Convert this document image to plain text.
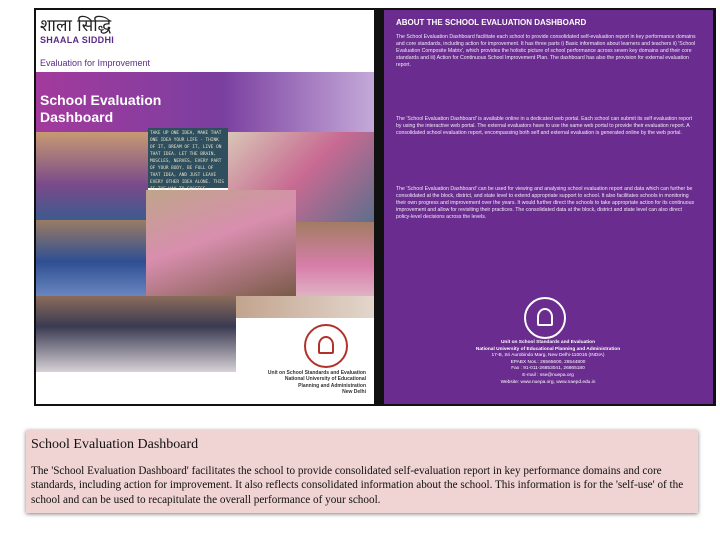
शाला सिद्धि
SHAALA SIDDHI
Evaluation for Improvement
School Evaluation
Dashboard
TAKE UP ONE IDEA, MAKE THAT ONE IDEA YOUR LIFE - THINK OF IT, DREAM OF IT, LIVE ON THAT IDEA. LET THE BRAIN, MUSCLES, NERVES, EVERY PART OF YOUR BODY, BE FULL OF THAT IDEA, AND JUST LEAVE EVERY OTHER IDEA ALONE. THIS IS THE WAY TO SUCCESS
Unit on School Standards and Evaluation
National University of Educational
Planning and Administration
New Delhi
ABOUT THE SCHOOL EVALUATION DASHBOARD
The School Evaluation Dashboard facilitate each school to provide consolidated self-evaluation report in key performance domains and core standards, including action for improvement. It has three parts i) Basic information about learners and teachers ii) 'School Evaluation Composite Matrix', which provides the holistic picture of school performance across seven key domains and their core standards and iii) Action for Continuous School Improvement Plan. The dashboard has also the provision for external evaluation report.
The 'School Evaluation Dashboard' is available online in a dedicated web portal. Each school can submit its self evaluation report by using the interactive web portal. The external evaluators have to use the same web portal to provide their evaluation report. A consolidated school evaluation report, encompassing both self and external evaluation is generated online by the web portal.
The 'School Evaluation Dashboard' can be used for viewing and analysing school evaluation report and data which can further be consolidated at the block, district, and state level to extend appropriate support to school. It also facilitates schools in monitoring their own progress and improvement over the years. It would further direct the schools to take appropriate action for its continuous improvement and allow for revisiting their practices. The consolidated data at the block, district and state level can also direct policy-level decisions across the levels.
Unit on School Standards and Evaluation
National University of Educational Planning and Administration
17-B, Sri Aurobindo Marg, New Delhi-110016 (INDIA)
EPABX Nos.: 26565600, 26544800
Fax : 91-011-26853041, 26865180
E-mail : sse@nuepa.org
Website: www.nuepa.org, www.naepd.edu.in
School Evaluation Dashboard
The 'School Evaluation Dashboard' facilitates the school to provide consolidated self-evaluation report in key performance domains and core standards, including action for improvement. It also reflects consolidated information about the school. This information is for the 'self-use' of the school and can be used to recapitulate the overall performance of your school.
